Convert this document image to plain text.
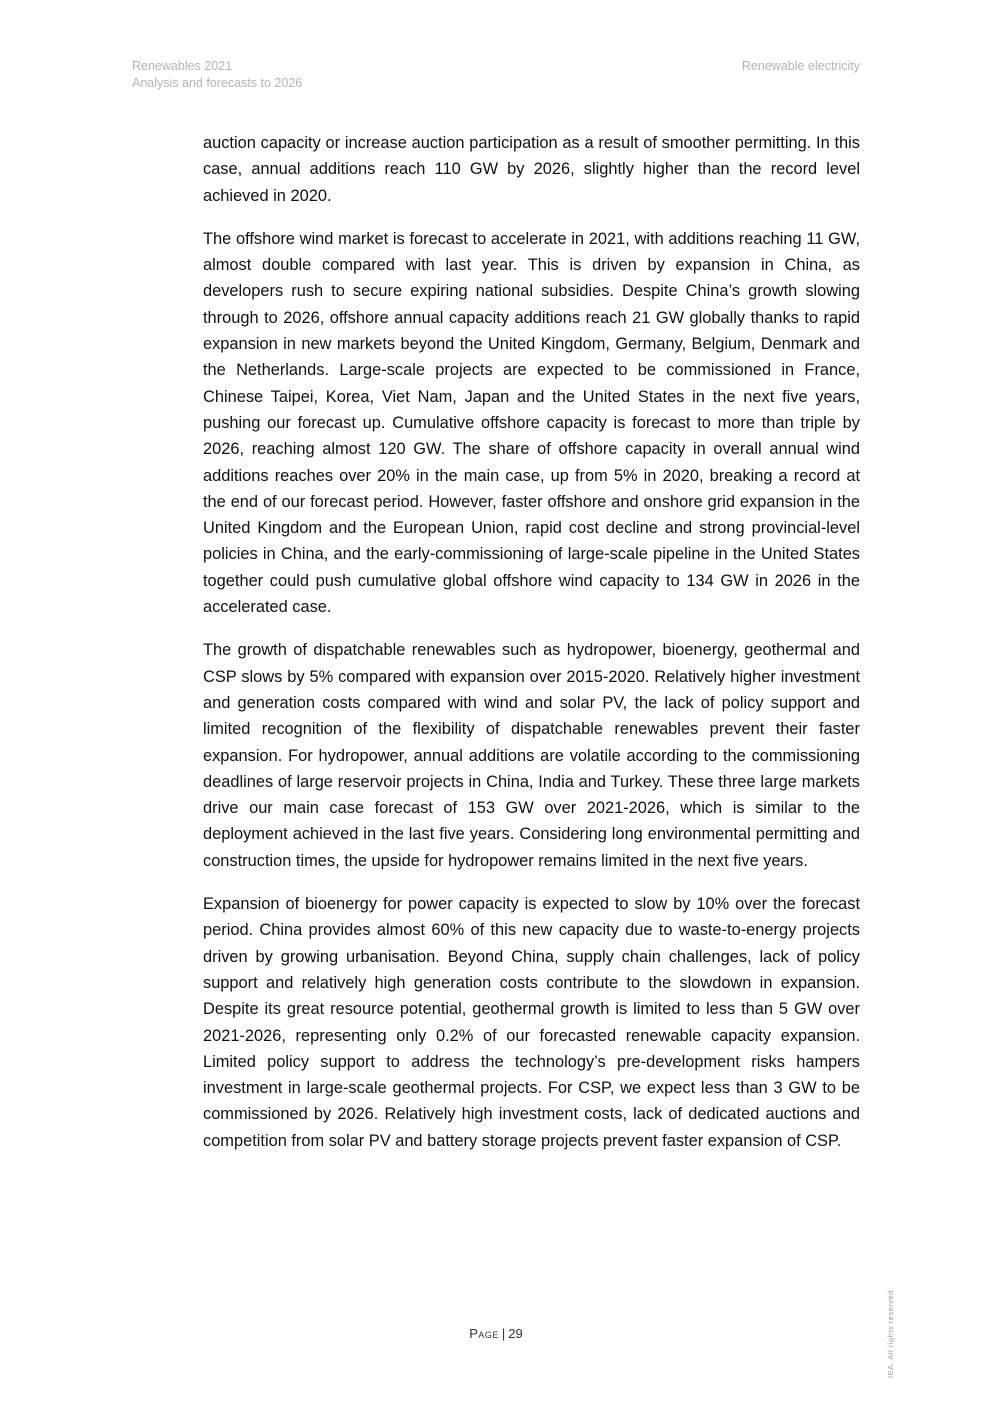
Renewables 2021
Analysis and forecasts to 2026
Renewable electricity

auction capacity or increase auction participation as a result of smoother permitting. In this case, annual additions reach 110 GW by 2026, slightly higher than the record level achieved in 2020.

The offshore wind market is forecast to accelerate in 2021, with additions reaching 11 GW, almost double compared with last year. This is driven by expansion in China, as developers rush to secure expiring national subsidies. Despite China’s growth slowing through to 2026, offshore annual capacity additions reach 21 GW globally thanks to rapid expansion in new markets beyond the United Kingdom, Germany, Belgium, Denmark and the Netherlands. Large-scale projects are expected to be commissioned in France, Chinese Taipei, Korea, Viet Nam, Japan and the United States in the next five years, pushing our forecast up. Cumulative offshore capacity is forecast to more than triple by 2026, reaching almost 120 GW. The share of offshore capacity in overall annual wind additions reaches over 20% in the main case, up from 5% in 2020, breaking a record at the end of our forecast period. However, faster offshore and onshore grid expansion in the United Kingdom and the European Union, rapid cost decline and strong provincial-level policies in China, and the early-commissioning of large-scale pipeline in the United States together could push cumulative global offshore wind capacity to 134 GW in 2026 in the accelerated case.

The growth of dispatchable renewables such as hydropower, bioenergy, geothermal and CSP slows by 5% compared with expansion over 2015-2020. Relatively higher investment and generation costs compared with wind and solar PV, the lack of policy support and limited recognition of the flexibility of dispatchable renewables prevent their faster expansion. For hydropower, annual additions are volatile according to the commissioning deadlines of large reservoir projects in China, India and Turkey. These three large markets drive our main case forecast of 153 GW over 2021-2026, which is similar to the deployment achieved in the last five years. Considering long environmental permitting and construction times, the upside for hydropower remains limited in the next five years.

Expansion of bioenergy for power capacity is expected to slow by 10% over the forecast period. China provides almost 60% of this new capacity due to waste-to-energy projects driven by growing urbanisation. Beyond China, supply chain challenges, lack of policy support and relatively high generation costs contribute to the slowdown in expansion. Despite its great resource potential, geothermal growth is limited to less than 5 GW over 2021-2026, representing only 0.2% of our forecasted renewable capacity expansion. Limited policy support to address the technology’s pre-development risks hampers investment in large-scale geothermal projects. For CSP, we expect less than 3 GW to be commissioned by 2026. Relatively high investment costs, lack of dedicated auctions and competition from solar PV and battery storage projects prevent faster expansion of CSP.

Page | 29	IEA. All rights reserved.
